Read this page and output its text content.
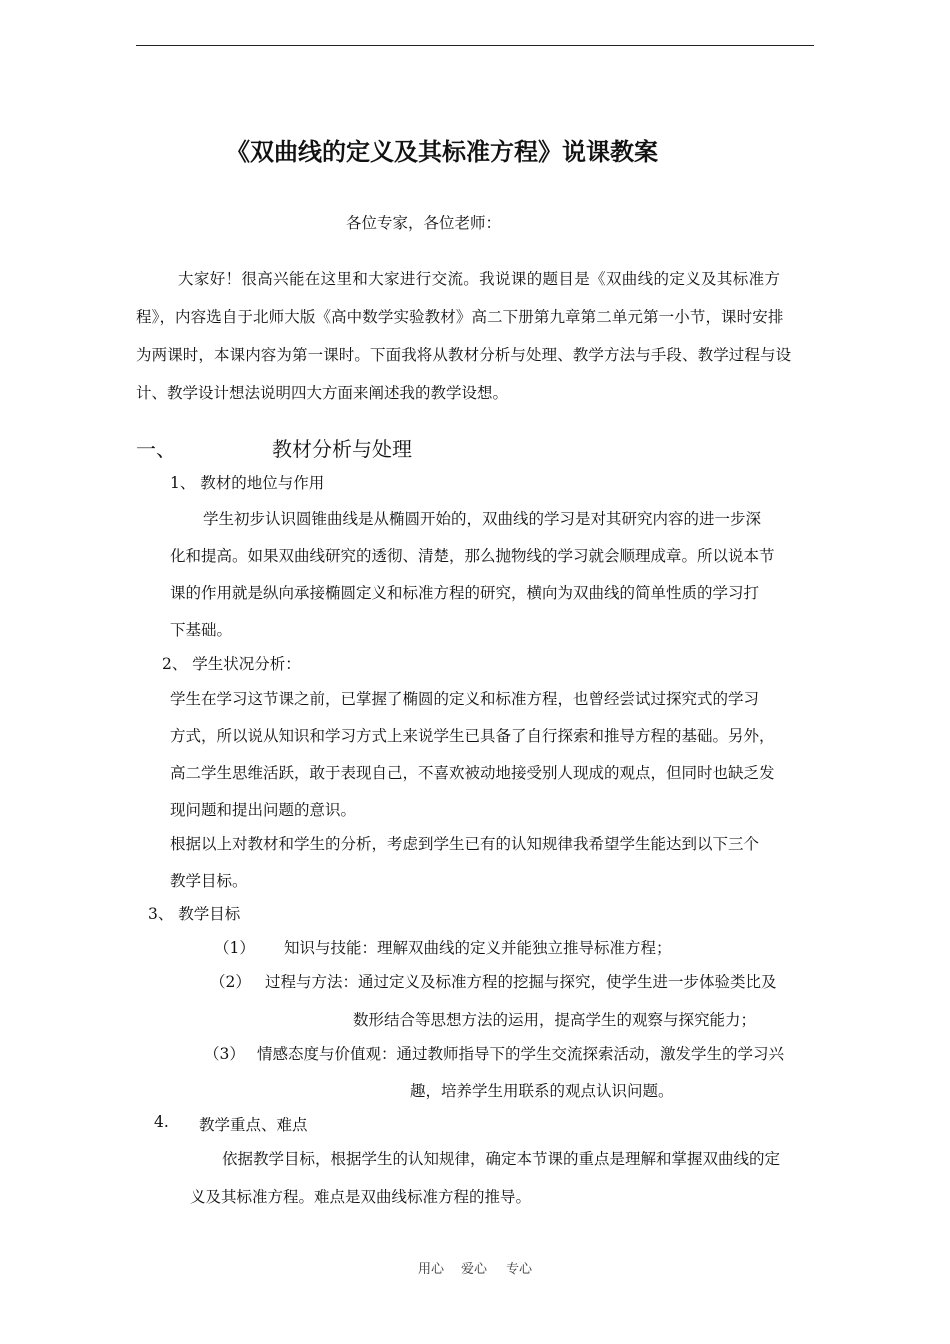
《双曲线的定义及其标准方程》说课教案
各位专家，各位老师：
大家好！很高兴能在这里和大家进行交流。我说课的题目是《双曲线的定义及其标准方
程》，内容选自于北师大版《高中数学实验教材》高二下册第九章第二单元第一小节，课时安排
为两课时，本课内容为第一课时。下面我将从教材分析与处理、教学方法与手段、教学过程与设
计、教学设计想法说明四大方面来阐述我的教学设想。
一、	教材分析与处理
1、 教材的地位与作用
学生初步认识圆锥曲线是从椭圆开始的，双曲线的学习是对其研究内容的进一步深
化和提高。如果双曲线研究的透彻、清楚，那么抛物线的学习就会顺理成章。所以说本节
课的作用就是纵向承接椭圆定义和标准方程的研究，横向为双曲线的简单性质的学习打
下基础。
2、 学生状况分析：
学生在学习这节课之前，已掌握了椭圆的定义和标准方程，也曾经尝试过探究式的学习
方式，所以说从知识和学习方式上来说学生已具备了自行探索和推导方程的基础。另外，
高二学生思维活跃，敢于表现自己，不喜欢被动地接受别人现成的观点，但同时也缺乏发
现问题和提出问题的意识。
根据以上对教材和学生的分析，考虑到学生已有的认知规律我希望学生能达到以下三个
教学目标。
3、 教学目标
（1） 知识与技能：理解双曲线的定义并能独立推导标准方程；
（2） 过程与方法：通过定义及标准方程的挖掘与探究，使学生进一步体验类比及
数形结合等思想方法的运用，提高学生的观察与探究能力；
（3） 情感态度与价值观：通过教师指导下的学生交流探索活动，激发学生的学习兴
趣，培养学生用联系的观点认识问题。
4. 教学重点、难点
依据教学目标，根据学生的认知规律，确定本节课的重点是理解和掌握双曲线的定
义及其标准方程。难点是双曲线标准方程的推导。
用心 爱心 专心
